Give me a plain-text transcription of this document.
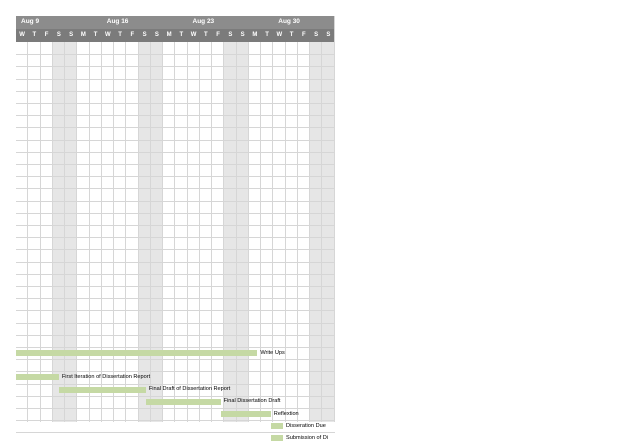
Aug 9	Aug 16	Aug 23	Aug 30
W	T	F	S	S	M	T	W	T	F	S	S	M	T	W	T	F	S	S	M	T	W	T	F	S	S
Write Ups
First Iteration of Dissertation Report
Final Draft of Dissertation Report
Final Dissertation Draft
Reflextion
Disseration Due
Submission of Di
